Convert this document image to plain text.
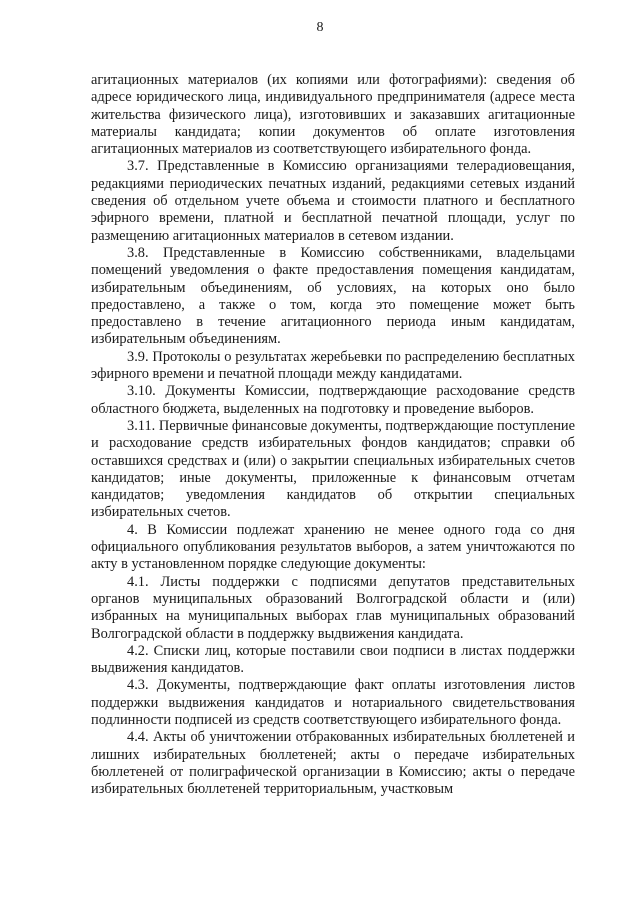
8

агитационных материалов (их копиями или фотографиями): сведения об адресе юридического лица, индивидуального предпринимателя (адресе места жительства физического лица), изготовивших и заказавших агитационные материалы кандидата; копии документов об оплате изготовления агитационных материалов из соответствующего избирательного фонда.

3.7. Представленные в Комиссию организациями телерадиовещания, редакциями периодических печатных изданий, редакциями сетевых изданий сведения об отдельном учете объема и стоимости платного и бесплатного эфирного времени, платной и бесплатной печатной площади, услуг по размещению агитационных материалов в сетевом издании.

3.8. Представленные в Комиссию собственниками, владельцами помещений уведомления о факте предоставления помещения кандидатам, избирательным объединениям, об условиях, на которых оно было предоставлено, а также о том, когда это помещение может быть предоставлено в течение агитационного периода иным кандидатам, избирательным объединениям.

3.9. Протоколы о результатах жеребьевки по распределению бесплатных эфирного времени и печатной площади между кандидатами.

3.10. Документы Комиссии, подтверждающие расходование средств областного бюджета, выделенных на подготовку и проведение выборов.

3.11. Первичные финансовые документы, подтверждающие поступление и расходование средств избирательных фондов кандидатов; справки об оставшихся средствах и (или) о закрытии специальных избирательных счетов кандидатов; иные документы, приложенные к финансовым отчетам кандидатов; уведомления кандидатов об открытии специальных избирательных счетов.

4. В Комиссии подлежат хранению не менее одного года со дня официального опубликования результатов выборов, а затем уничтожаются по акту в установленном порядке следующие документы:

4.1. Листы поддержки с подписями депутатов представительных органов муниципальных образований Волгоградской области и (или) избранных на муниципальных выборах глав муниципальных образований Волгоградской области в поддержку выдвижения кандидата.

4.2. Списки лиц, которые поставили свои подписи в листах поддержки выдвижения кандидатов.

4.3. Документы, подтверждающие факт оплаты изготовления листов поддержки выдвижения кандидатов и нотариального свидетельствования подлинности подписей из средств соответствующего избирательного фонда.

4.4. Акты об уничтожении отбракованных избирательных бюллетеней и лишних избирательных бюллетеней; акты о передаче избирательных бюллетеней от полиграфической организации в Комиссию; акты о передаче избирательных бюллетеней территориальным, участковым
